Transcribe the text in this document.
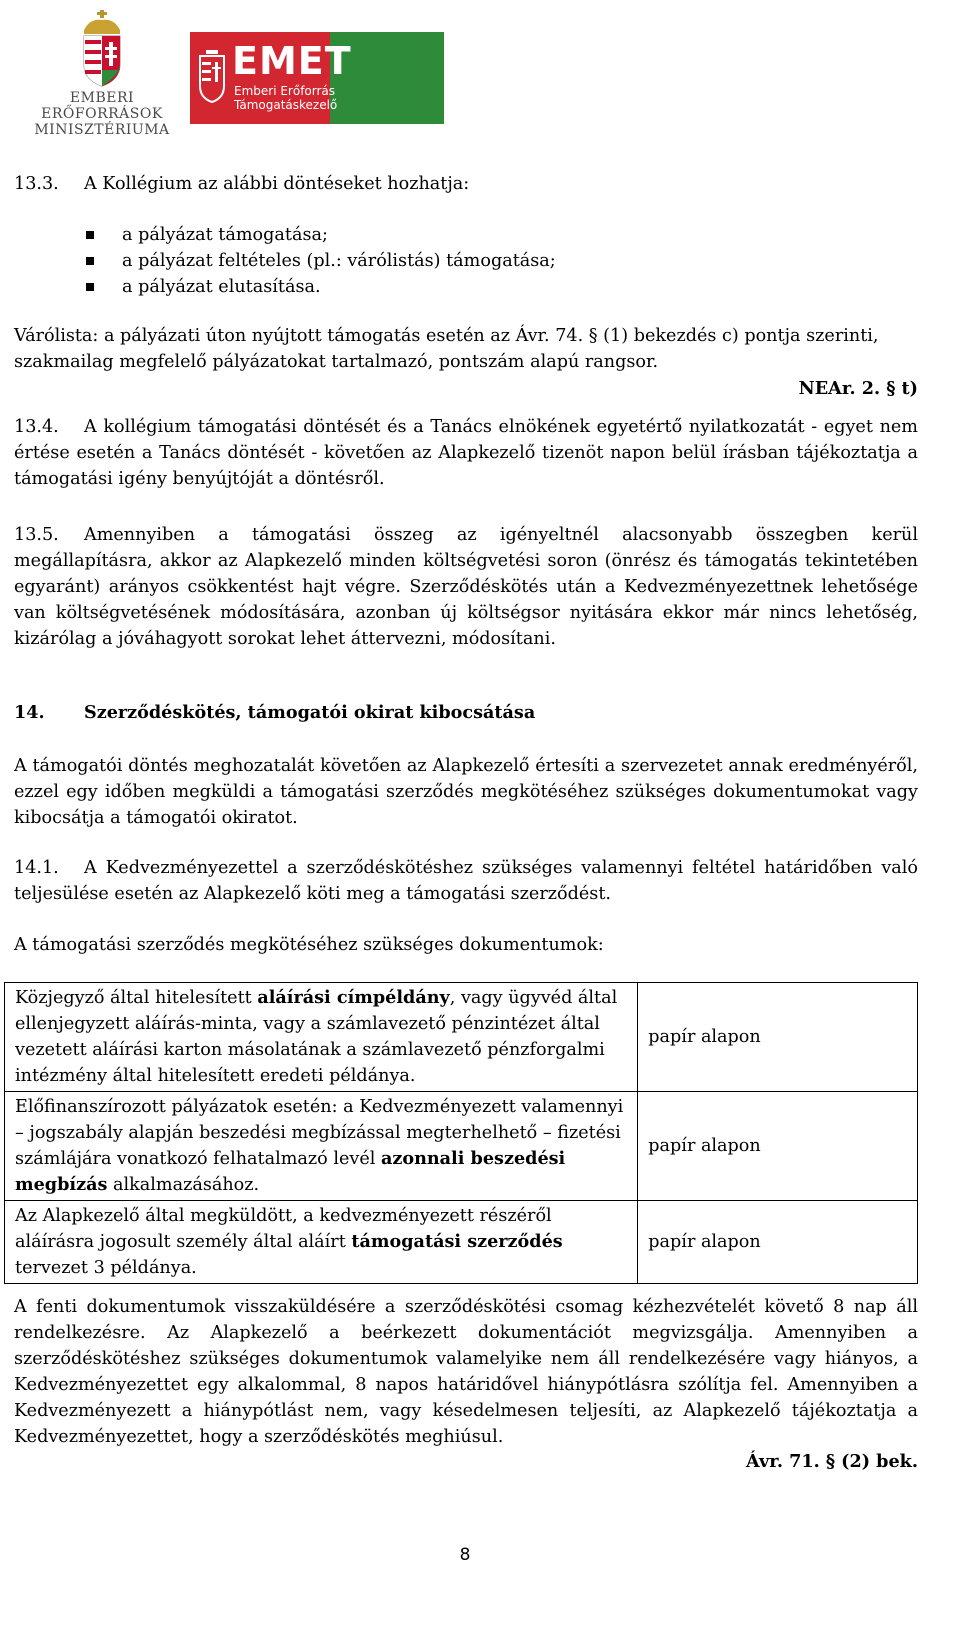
EMBERI ERŐFORRÁSOK
MINISZTÉRIUMA
EMET
Emberi Erőforrás
Támogatáskezelő
13.3. A Kollégium az alábbi döntéseket hozhatja:
a pályázat támogatása;
a pályázat feltételes (pl.: várólistás) támogatása;
a pályázat elutasítása.
Várólista: a pályázati úton nyújtott támogatás esetén az Ávr. 74. § (1) bekezdés c) pontja szerinti, szakmailag megfelelő pályázatokat tartalmazó, pontszám alapú rangsor.
NEAr. 2. § t)
13.4. A kollégium támogatási döntését és a Tanács elnökének egyetértő nyilatkozatát - egyet nem értése esetén a Tanács döntését - követően az Alapkezelő tizenöt napon belül írásban tájékoztatja a támogatási igény benyújtóját a döntésről.
13.5. Amennyiben a támogatási összeg az igényeltnél alacsonyabb összegben kerül megállapításra, akkor az Alapkezelő minden költségvetési soron (önrész és támogatás tekintetében egyaránt) arányos csökkentést hajt végre. Szerződéskötés után a Kedvezményezettnek lehetősége van költségvetésének módosítására, azonban új költségsor nyitására ekkor már nincs lehetőség, kizárólag a jóváhagyott sorokat lehet áttervezni, módosítani.
14. Szerződéskötés, támogatói okirat kibocsátása
A támogatói döntés meghozatalát követően az Alapkezelő értesíti a szervezetet annak eredményéről, ezzel egy időben megküldi a támogatási szerződés megkötéséhez szükséges dokumentumokat vagy kibocsátja a támogatói okiratot.
14.1. A Kedvezményezettel a szerződéskötéshez szükséges valamennyi feltétel határidőben való teljesülése esetén az Alapkezelő köti meg a támogatási szerződést.
A támogatási szerződés megkötéséhez szükséges dokumentumok:
Közjegyző által hitelesített aláírási címpéldány, vagy ügyvéd által ellenjegyzett aláírás-minta, vagy a számlavezető pénzintézet által vezetett aláírási karton másolatának a számlavezető pénzforgalmi intézmény által hitelesített eredeti példánya.	papír alapon
Előfinanszírozott pályázatok esetén: a Kedvezményezett valamennyi – jogszabály alapján beszedési megbízással megterhelhető – fizetési számlájára vonatkozó felhatalmazó levél azonnali beszedési megbízás alkalmazásához.	papír alapon
Az Alapkezelő által megküldött, a kedvezményezett részéről aláírásra jogosult személy által aláírt támogatási szerződés tervezet 3 példánya.	papír alapon
A fenti dokumentumok visszaküldésére a szerződéskötési csomag kézhezvételét követő 8 nap áll rendelkezésre. Az Alapkezelő a beérkezett dokumentációt megvizsgálja. Amennyiben a szerződéskötéshez szükséges dokumentumok valamelyike nem áll rendelkezésére vagy hiányos, a Kedvezményezettet egy alkalommal, 8 napos határidővel hiánypótlásra szólítja fel. Amennyiben a Kedvezményezett a hiánypótlást nem, vagy késedelmesen teljesíti, az Alapkezelő tájékoztatja a Kedvezményezettet, hogy a szerződéskötés meghiúsul.
Ávr. 71. § (2) bek.
8
